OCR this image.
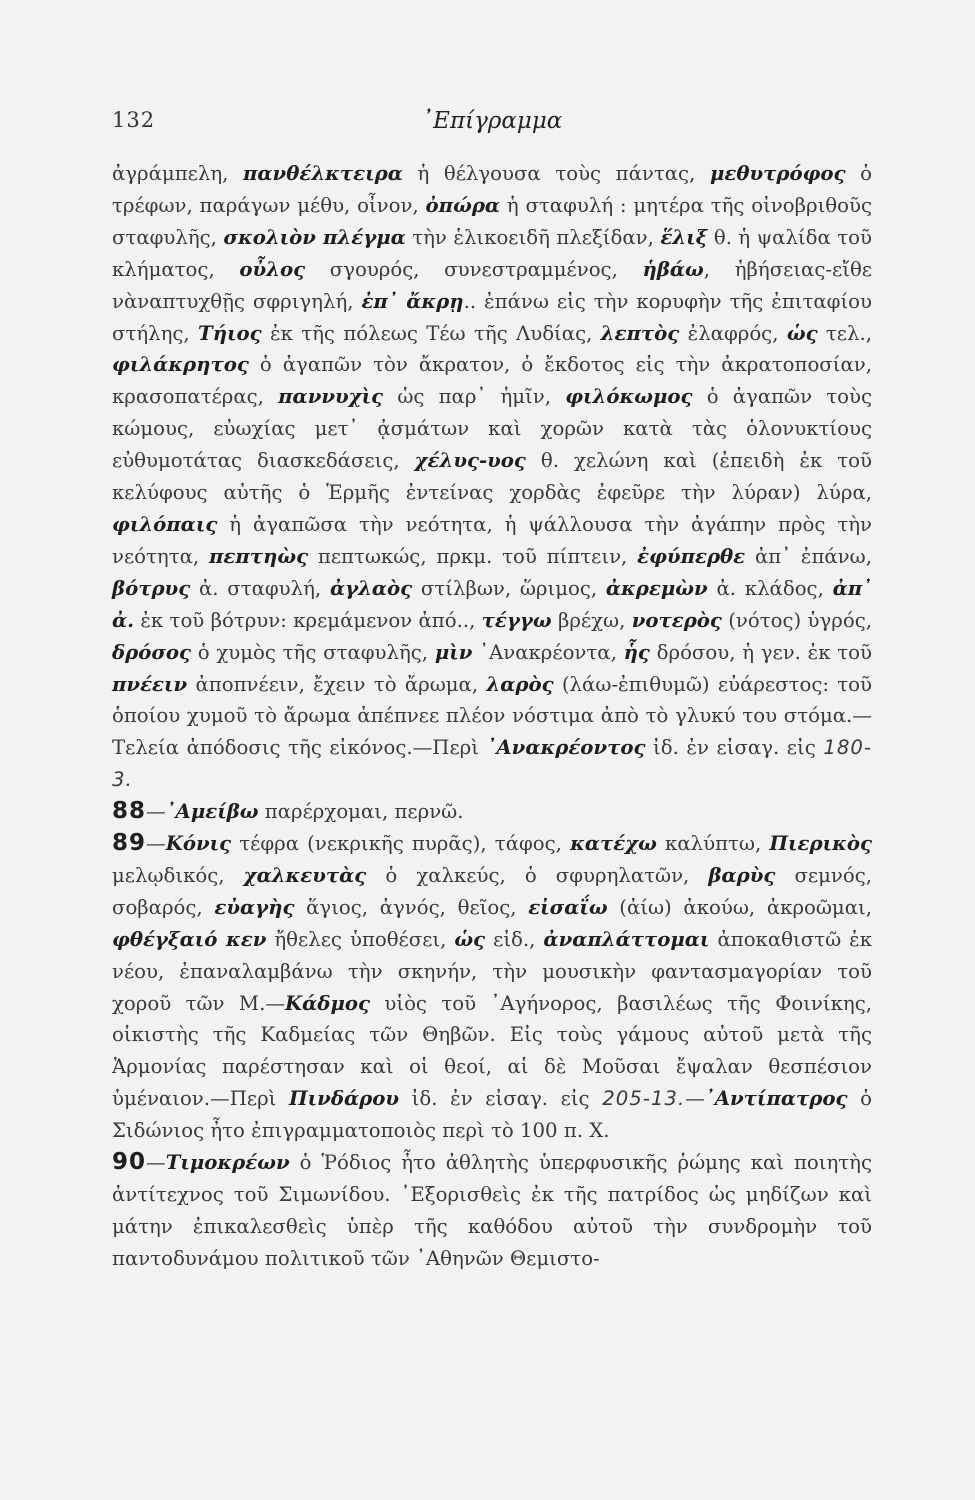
132	᾿Επίγραμμα

ἀγράμπελη, πανθέλκτειρα ἡ θέλγουσα τοὺς πάντας, μεθυτρόφος ὁ τρέφων, παράγων μέθυ, οἶνον, ὀπώρα ἡ σταφυλή : μητέρα τῆς οἰνοβριθοῦς σταφυλῆς, σκολιὸν πλέγμα τὴν ἑλικοειδῆ πλεξίδαν, ἕλιξ θ. ἡ ψαλίδα τοῦ κλήματος, οὖλος σγουρός, συνεστραμμένος, ἡβάω, ἡβήσειας-εἴθε νὰναπτυχθῇς σφριγηλή, ἐπ᾿ ἄκρῃ.. ἐπάνω εἰς τὴν κορυφὴν τῆς ἐπιταφίου στήλης, Τήιος ἐκ τῆς πόλεως Τέω τῆς Λυδίας, λεπτὸς ἐλαφρός, ὡς τελ., φιλάκρητος ὁ ἀγαπῶν τὸν ἄκρατον, ὁ ἔκδοτος εἰς τὴν ἀκρατοποσίαν, κρασοπατέρας, παννυχὶς ὡς παρ᾿ ἡμῖν, φιλόκωμος ὁ ἀγαπῶν τοὺς κώμους, εὐωχίας μετ᾿ ᾀσμάτων καὶ χορῶν κατὰ τὰς ὁλονυκτίους εὐθυμοτάτας διασκεδάσεις, χέλυς-υος θ. χελώνη καὶ (ἐπειδὴ ἐκ τοῦ κελύφους αὐτῆς ὁ Ἑρμῆς ἐντείνας χορδὰς ἐφεῦρε τὴν λύραν) λύρα, φιλόπαις ἡ ἀγαπῶσα τὴν νεότητα, ἡ ψάλλουσα τὴν ἀγάπην πρὸς τὴν νεότητα, πεπτηὼς πεπτωκώς, πρκμ. τοῦ πίπτειν, ἐφύπερθε ἀπ᾿ ἐπάνω, βότρυς ἀ. σταφυλή, ἀγλαὸς στίλβων, ὥριμος, ἀκρεμὼν ἀ. κλάδος, ἀπ᾿ ἀ. ἐκ τοῦ βότρυν: κρεμάμενον ἀπό.., τέγγω βρέχω, νοτερὸς (νότος) ὑγρός, δρόσος ὁ χυμὸς τῆς σταφυλῆς, μὶν ᾿Ανακρέοντα, ἧς δρόσου, ἡ γεν. ἐκ τοῦ πνέειν ἀποπνέειν, ἔχειν τὸ ἄρωμα, λαρὸς (λάω-ἐπιθυμῶ) εὐάρεστος: τοῦ ὁποίου χυμοῦ τὸ ἄρωμα ἀπέπνεε πλέον νόστιμα ἀπὸ τὸ γλυκύ του στόμα.—Τελεία ἀπόδοσις τῆς εἰκόνος.—Περὶ ᾿Ανακρέοντος ἰδ. ἐν εἰσαγ. εἰς 180-3.

88—᾿Αμείβω παρέρχομαι, περνῶ.

89—Κόνις τέφρα (νεκρικῆς πυρᾶς), τάφος, κατέχω καλύπτω, Πιερικὸς μελῳδικός, χαλκευτὰς ὁ χαλκεύς, ὁ σφυρηλατῶν, βαρὺς σεμνός, σοβαρός, εὐαγὴς ἅγιος, ἁγνός, θεῖος, εἰσαΐω (ἀίω) ἀκούω, ἀκροῶμαι, φθέγξαιό κεν ἤθελες ὑποθέσει, ὡς εἰδ., ἀναπλάττομαι ἀποκαθιστῶ ἐκ νέου, ἐπαναλαμβάνω τὴν σκηνήν, τὴν μουσικὴν φαντασμαγορίαν τοῦ χοροῦ τῶν Μ.—Κάδμος υἱὸς τοῦ ᾿Αγήνορος, βασιλέως τῆς Φοινίκης, οἰκιστὴς τῆς Καδμείας τῶν Θηβῶν. Εἰς τοὺς γάμους αὐτοῦ μετὰ τῆς Ἁρμονίας παρέστησαν καὶ οἱ θεοί, αἱ δὲ Μοῦσαι ἔψαλαν θεσπέσιον ὑμέναιον.—Περὶ Πινδάρου ἰδ. ἐν εἰσαγ. εἰς 205-13.—᾿Αντίπατρος ὁ Σιδώνιος ἦτο ἐπιγραμματοποιὸς περὶ τὸ 100 π. Χ.

90—Τιμοκρέων ὁ Ῥόδιος ἦτο ἀθλητὴς ὑπερφυσικῆς ῥώμης καὶ ποιητὴς ἀντίτεχνος τοῦ Σιμωνίδου. ᾿Εξορισθεὶς ἐκ τῆς πατρίδος ὡς μηδίζων καὶ μάτην ἐπικαλεσθεὶς ὑπὲρ τῆς καθόδου αὐτοῦ τὴν συνδρομὴν τοῦ παντοδυνάμου πολιτικοῦ τῶν ᾿Αθηνῶν Θεμιστο-
